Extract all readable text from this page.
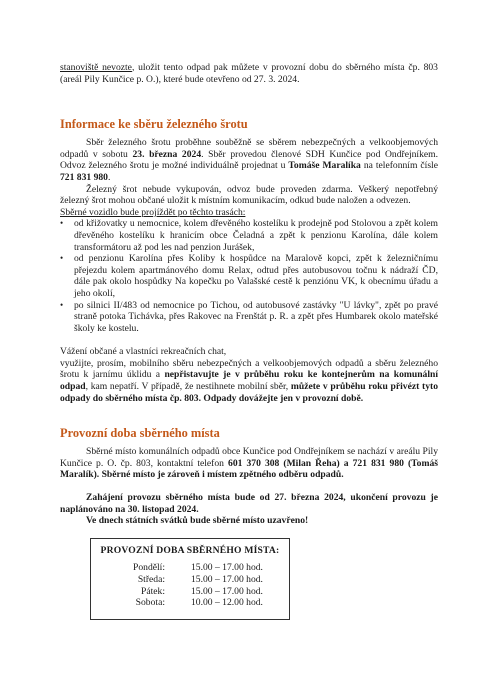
stanoviště nevozte, uložit tento odpad pak můžete v provozní dobu do sběrného místa čp. 803 (areál Pily Kunčice p. O.), které bude otevřeno od 27. 3. 2024.

Informace ke sběru železného šrotu

Sběr železného šrotu proběhne souběžně se sběrem nebezpečných a velkoobjemových odpadů v sobotu 23. března 2024. Sběr provedou členové SDH Kunčice pod Ondřejníkem. Odvoz železného šrotu je možné individuálně projednat u Tomáše Maralíka na telefonním čísle 721 831 980.

Železný šrot nebude vykupován, odvoz bude proveden zdarma. Veškerý nepotřebný železný šrot mohou občané uložit k místním komunikacím, odkud bude naložen a odvezen.

Sběrné vozidlo bude projíždět po těchto trasách:

• od křižovatky u nemocnice, kolem dřevěného kostelíku k prodejně pod Stolovou a zpět kolem dřevěného kostelíku k hranicím obce Čeladná a zpět k penzionu Karolína, dále kolem transformátoru až pod les nad penzion Jurášek,
• od penzionu Karolína přes Koliby k hospůdce na Maralově kopci, zpět k železničnímu přejezdu kolem apartmánového domu Relax, odtud přes autobusovou točnu k nádraží ČD, dále pak okolo hospůdky Na kopečku po Valašské cestě k penziónu VK, k obecnímu úřadu a jeho okolí,
• po silnici II/483 od nemocnice po Tichou, od autobusové zastávky "U lávky", zpět po pravé straně potoka Tichávka, přes Rakovec na Frenštát p. R. a zpět přes Humbarek okolo mateřské školy ke kostelu.

Vážení občané a vlastníci rekreačních chat,

využijte, prosím, mobilního sběru nebezpečných a velkoobjemových odpadů a sběru železného šrotu k jarnímu úklidu a nepřistavujte je v průběhu roku ke kontejnerům na komunální odpad, kam nepatří. V případě, že nestihnete mobilní sběr, můžete v průběhu roku přivézt tyto odpady do sběrného místa čp. 803. Odpady dovážejte jen v provozní době.

Provozní doba sběrného místa

Sběrné místo komunálních odpadů obce Kunčice pod Ondřejníkem se nachází v areálu Pily Kunčice p. O. čp. 803, kontaktní telefon 601 370 308 (Milan Řeha) a 721 831 980 (Tomáš Maralík). Sběrné místo je zároveň i místem zpětného odběru odpadů.

Zahájení provozu sběrného místa bude od 27. března 2024, ukončení provozu je naplánováno na 30. listopad 2024.

Ve dnech státních svátků bude sběrné místo uzavřeno!

PROVOZNÍ DOBA SBĚRNÉHO MÍSTA:
Pondělí:	15.00 – 17.00 hod.
Středa:	15.00 – 17.00 hod.
Pátek:	15.00 – 17.00 hod.
Sobota:	10.00 – 12.00 hod.
